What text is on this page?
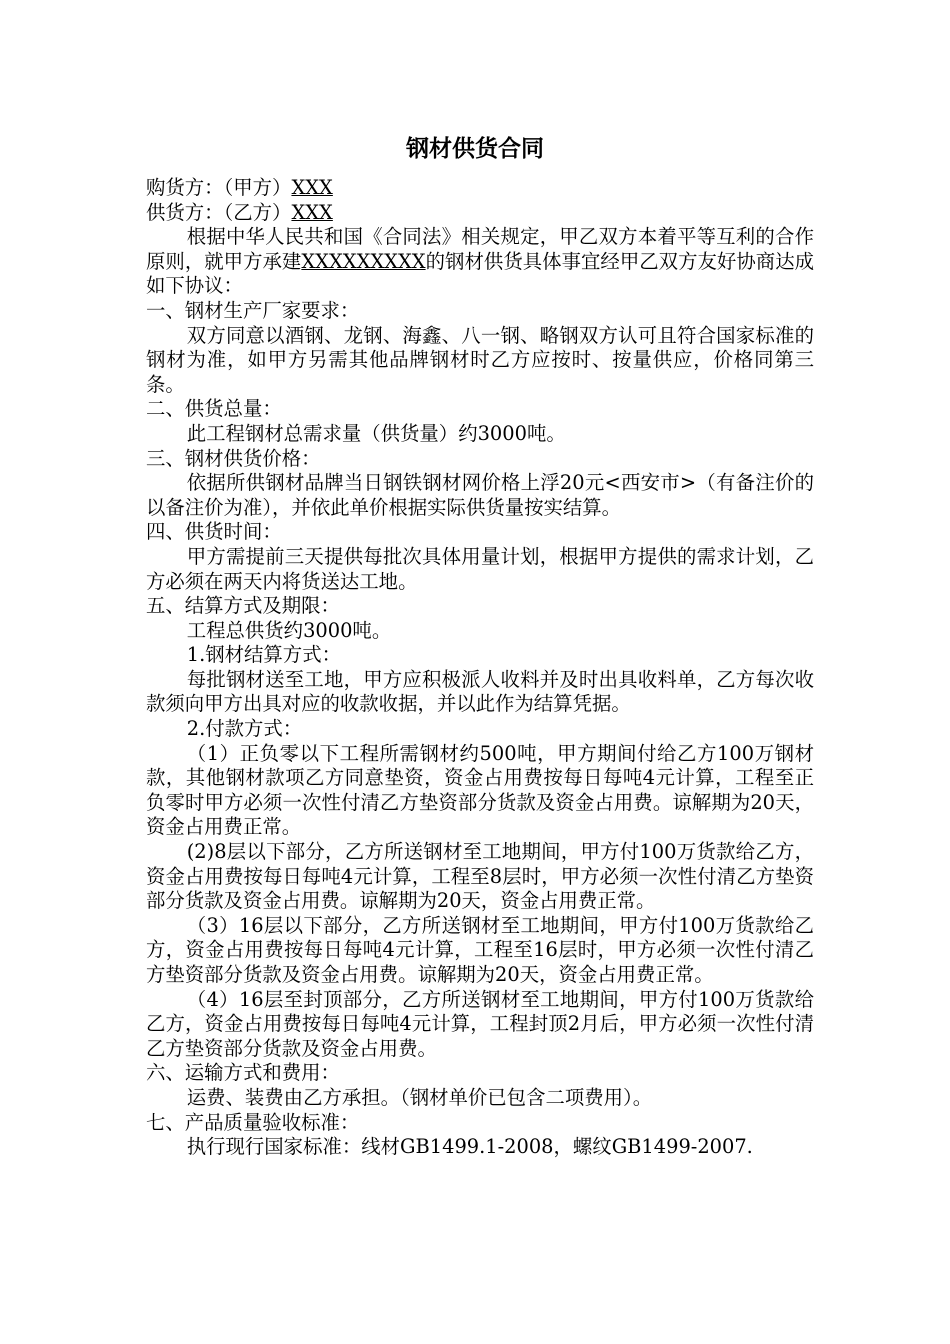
钢材供货合同

购货方：（甲方）XXX

供货方：（乙方）XXX

根据中华人民共和国《合同法》相关规定，甲乙双方本着平等互利的合作原则，就甲方承建XXXXXXXXX的钢材供货具体事宜经甲乙双方友好协商达成如下协议：

一、钢材生产厂家要求：

双方同意以酒钢、龙钢、海鑫、八一钢、略钢双方认可且符合国家标准的钢材为准，如甲方另需其他品牌钢材时乙方应按时、按量供应，价格同第三条。

二、供货总量：

此工程钢材总需求量（供货量）约3000吨。

三、钢材供货价格：

依据所供钢材品牌当日钢铁钢材网价格上浮20元<西安市>（有备注价的以备注价为准），并依此单价根据实际供货量按实结算。

四、供货时间：

甲方需提前三天提供每批次具体用量计划，根据甲方提供的需求计划，乙方必须在两天内将货送达工地。

五、结算方式及期限：

工程总供货约3000吨。

1.钢材结算方式：

每批钢材送至工地，甲方应积极派人收料并及时出具收料单，乙方每次收款须向甲方出具对应的收款收据，并以此作为结算凭据。

2.付款方式：

（1）正负零以下工程所需钢材约500吨，甲方期间付给乙方100万钢材款，其他钢材款项乙方同意垫资，资金占用费按每日每吨4元计算，工程至正负零时甲方必须一次性付清乙方垫资部分货款及资金占用费。谅解期为20天，资金占用费正常。

(2)8层以下部分，乙方所送钢材至工地期间，甲方付100万货款给乙方，资金占用费按每日每吨4元计算，工程至8层时，甲方必须一次性付清乙方垫资部分货款及资金占用费。谅解期为20天，资金占用费正常。

（3）16层以下部分，乙方所送钢材至工地期间，甲方付100万货款给乙方，资金占用费按每日每吨4元计算，工程至16层时，甲方必须一次性付清乙方垫资部分货款及资金占用费。谅解期为20天，资金占用费正常。

（4）16层至封顶部分，乙方所送钢材至工地期间，甲方付100万货款给乙方，资金占用费按每日每吨4元计算，工程封顶2月后，甲方必须一次性付清乙方垫资部分货款及资金占用费。

六、运输方式和费用：

运费、装费由乙方承担。（钢材单价已包含二项费用）。

七、产品质量验收标准：

执行现行国家标准：线材GB1499.1-2008，螺纹GB1499-2007.
